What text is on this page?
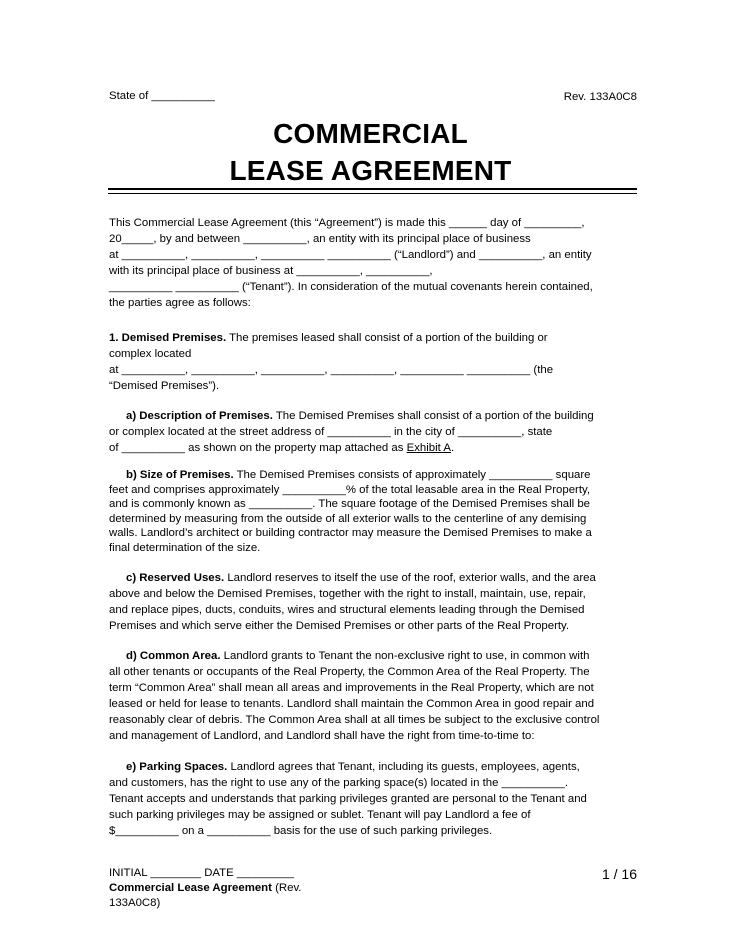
State of __________	Rev. 133A0C8
COMMERCIAL
LEASE AGREEMENT

This Commercial Lease Agreement (this “Agreement”) is made this ______ day of _________,

20_____, by and between __________, an entity with its principal place of business

at __________, __________, __________ __________ (“Landlord”) and __________, an entity

with its principal place of business at __________, __________,

__________ __________ (“Tenant”). In consideration of the mutual covenants herein contained,

the parties agree as follows:

1. Demised Premises. The premises leased shall consist of a portion of the building or

complex located

at __________, __________, __________, __________, __________ __________ (the

“Demised Premises”).

a) Description of Premises. The Demised Premises shall consist of a portion of the building

or complex located at the street address of __________ in the city of __________, state

of __________ as shown on the property map attached as Exhibit A.

b) Size of Premises. The Demised Premises consists of approximately __________ square

feet and comprises approximately __________% of the total leasable area in the Real Property,

and is commonly known as __________. The square footage of the Demised Premises shall be

determined by measuring from the outside of all exterior walls to the centerline of any demising

walls. Landlord’s architect or building contractor may measure the Demised Premises to make a

final determination of the size.

c) Reserved Uses. Landlord reserves to itself the use of the roof, exterior walls, and the area

above and below the Demised Premises, together with the right to install, maintain, use, repair,

and replace pipes, ducts, conduits, wires and structural elements leading through the Demised

Premises and which serve either the Demised Premises or other parts of the Real Property.

d) Common Area. Landlord grants to Tenant the non-exclusive right to use, in common with

all other tenants or occupants of the Real Property, the Common Area of the Real Property. The

term “Common Area” shall mean all areas and improvements in the Real Property, which are not

leased or held for lease to tenants. Landlord shall maintain the Common Area in good repair and

reasonably clear of debris. The Common Area shall at all times be subject to the exclusive control

and management of Landlord, and Landlord shall have the right from time-to-time to:

e) Parking Spaces. Landlord agrees that Tenant, including its guests, employees, agents,

and customers, has the right to use any of the parking space(s) located in the __________.

Tenant accepts and understands that parking privileges granted are personal to the Tenant and

such parking privileges may be assigned or sublet. Tenant will pay Landlord a fee of

$__________ on a __________ basis for the use of such parking privileges.

INITIAL ________ DATE _________
Commercial Lease Agreement (Rev.
133A0C8)
1 / 16
